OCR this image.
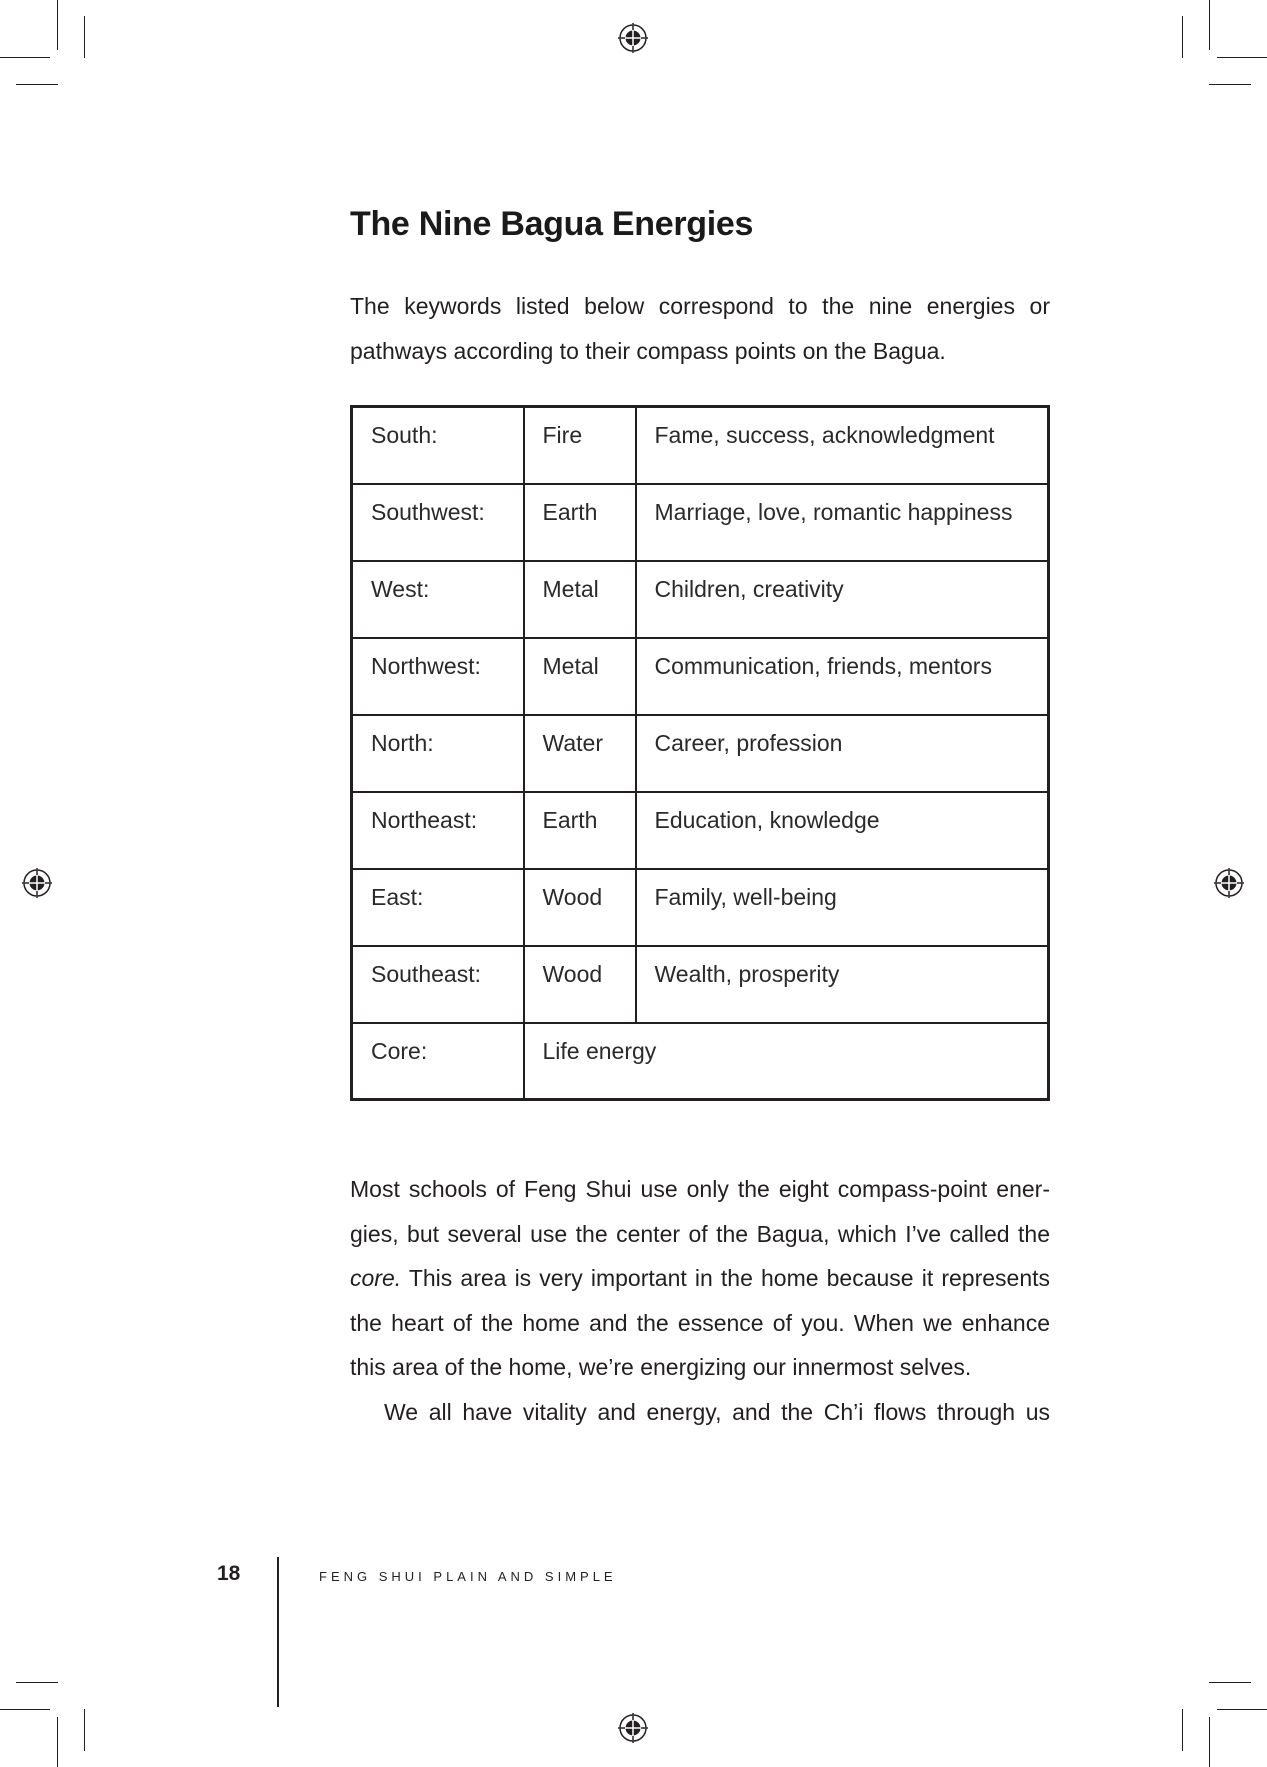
The Nine Bagua Energies

The keywords listed below correspond to the nine energies or
pathways according to their compass points on the Bagua.

South:	Fire	Fame, success, acknowledgment
Southwest:	Earth	Marriage, love, romantic happiness
West:	Metal	Children, creativity
Northwest:	Metal	Communication, friends, mentors
North:	Water	Career, profession
Northeast:	Earth	Education, knowledge
East:	Wood	Family, well-being
Southeast:	Wood	Wealth, prosperity
Core:	Life energy	

Most schools of Feng Shui use only the eight compass-point ener-
gies, but several use the center of the Bagua, which I’ve called the
core. This area is very important in the home because it represents
the heart of the home and the essence of you. When we enhance
this area of the home, we’re energizing our innermost selves.
We all have vitality and energy, and the Ch’i flows through us

18	FENG SHUI PLAIN AND SIMPLE
